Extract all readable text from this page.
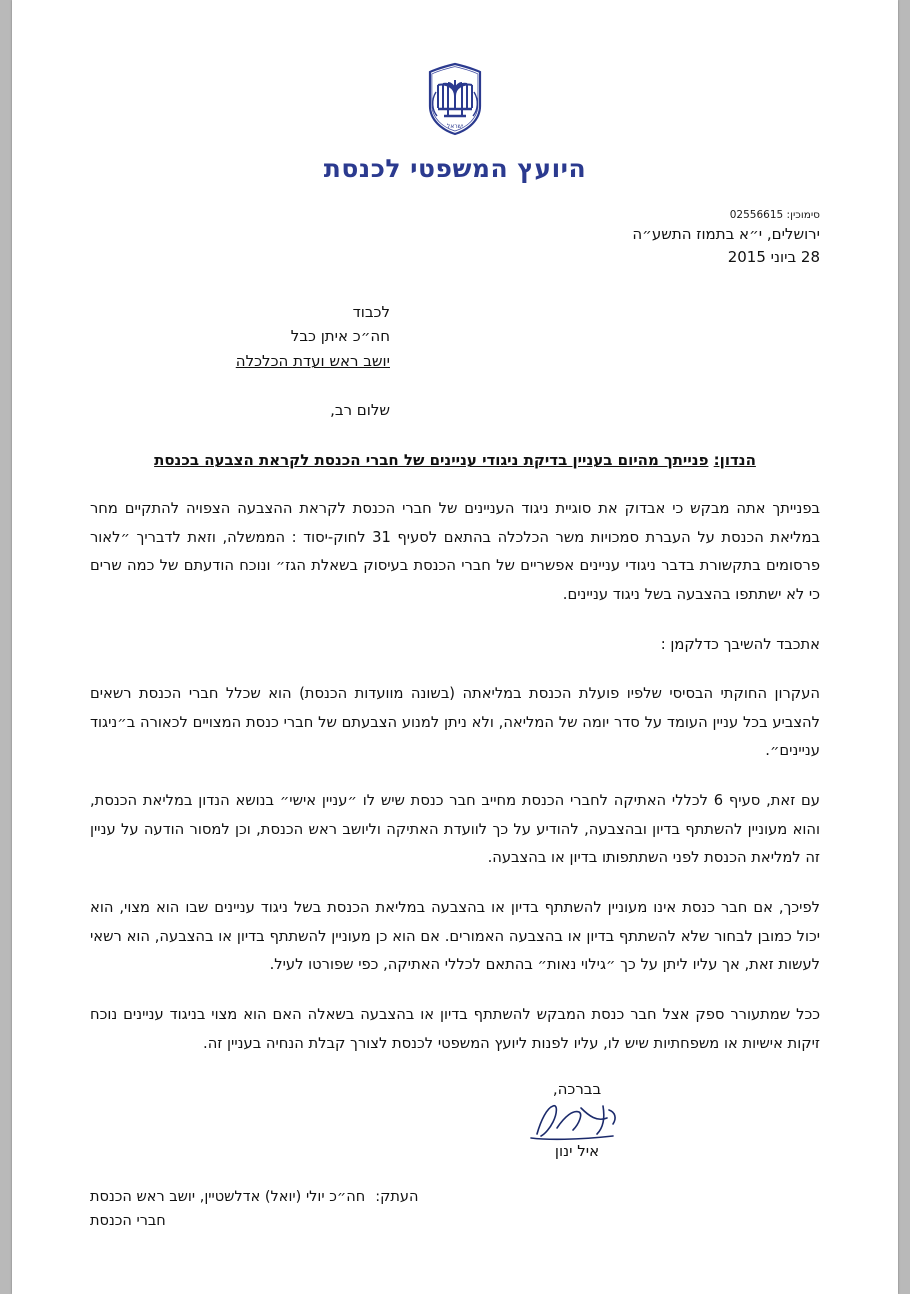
ישראל
היועץ המשפטי לכנסת
סימוכין: 02556615
ירושלים, י״א בתמוז התשע״ה
28 ביוני 2015
לכבוד
חה״כ איתן כבל
יושב ראש ועדת הכלכלה
שלום רב,
הנדון: פנייתך מהיום בעניין בדיקת ניגודי עניינים של חברי הכנסת לקראת הצבעה בכנסת

בפנייתך אתה מבקש כי אבדוק את סוגיית ניגוד העניינים של חברי הכנסת לקראת ההצבעה הצפויה להתקיים מחר במליאת הכנסת על העברת סמכויות משר הכלכלה בהתאם לסעיף 31 לחוק-יסוד : הממשלה, וזאת לדבריך ״לאור פרסומים בתקשורת בדבר ניגודי עניינים אפשריים של חברי הכנסת בעיסוק בשאלת הגז״ ונוכח הודעתם של כמה שרים כי לא ישתתפו בהצבעה בשל ניגוד עניינים.

אתכבד להשיבך כדלקמן :

העקרון החוקתי הבסיסי שלפיו פועלת הכנסת במליאתה (בשונה מוועדות הכנסת) הוא שכלל חברי הכנסת רשאים להצביע בכל עניין העומד על סדר יומה של המליאה, ולא ניתן למנוע הצבעתם של חברי כנסת המצויים לכאורה ב״ניגוד עניינים״.

עם זאת, סעיף 6 לכללי האתיקה לחברי הכנסת מחייב חבר כנסת שיש לו ״עניין אישי״ בנושא הנדון במליאת הכנסת, והוא מעוניין להשתתף בדיון ובהצבעה, להודיע על כך לוועדת האתיקה וליושב ראש הכנסת, וכן למסור הודעה על עניין זה למליאת הכנסת לפני השתתפותו בדיון או בהצבעה.

לפיכך, אם חבר כנסת אינו מעוניין להשתתף בדיון או בהצבעה במליאת הכנסת בשל ניגוד עניינים שבו הוא מצוי, הוא יכול כמובן לבחור שלא להשתתף בדיון או בהצבעה האמורים. אם הוא כן מעוניין להשתתף בדיון או בהצבעה, הוא רשאי לעשות זאת, אך עליו ליתן על כך ״גילוי נאות״ בהתאם לכללי האתיקה, כפי שפורטו לעיל.

ככל שמתעורר ספק אצל חבר כנסת המבקש להשתתף בדיון או בהצבעה בשאלה האם הוא מצוי בניגוד עניינים נוכח זיקות אישיות או משפחתיות שיש לו, עליו לפנות ליועץ המשפטי לכנסת לצורך קבלת הנחיה בעניין זה.

בברכה,
איל ינון
העתק:
חה״כ יולי (יואל) אדלשטיין, יושב ראש הכנסת
חברי הכנסת
